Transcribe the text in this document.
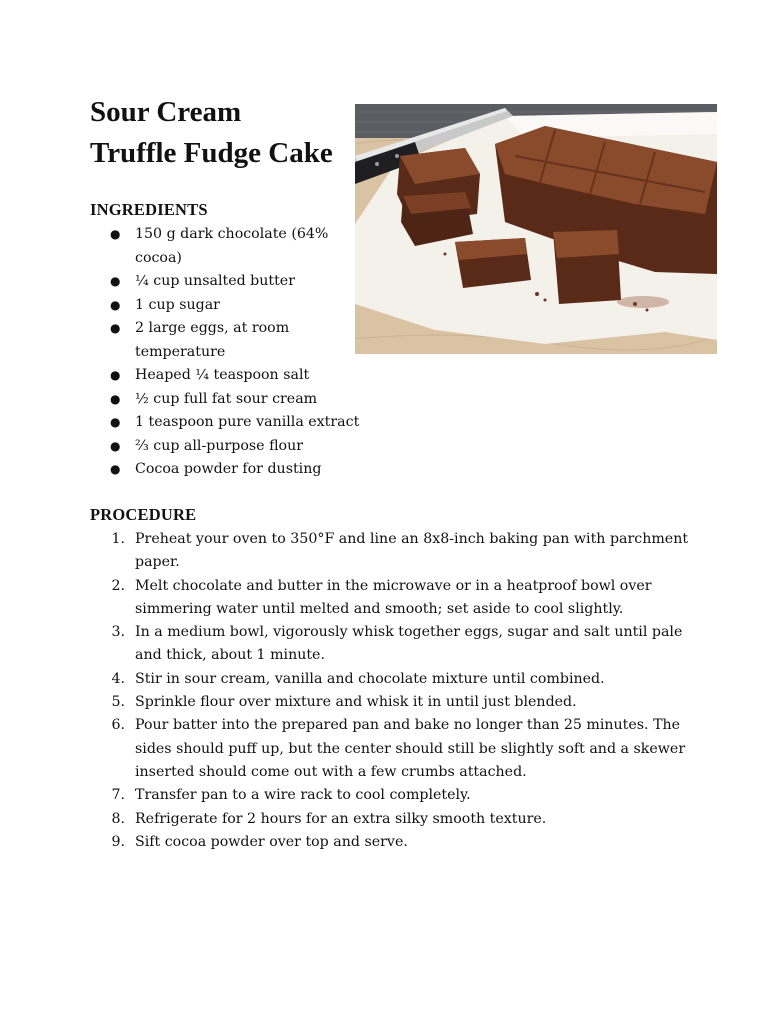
Sour Cream
Truffle Fudge Cake
INGREDIENTS
● 150 g dark chocolate (64% cocoa)
● ¼ cup unsalted butter
● 1 cup sugar
● 2 large eggs, at room temperature
● Heaped ¼ teaspoon salt
● ½ cup full fat sour cream
● 1 teaspoon pure vanilla extract
● ⅔ cup all-purpose flour
● Cocoa powder for dusting
PROCEDURE
1. Preheat your oven to 350°F and line an 8x8-inch baking pan with parchment paper.
2. Melt chocolate and butter in the microwave or in a heatproof bowl over simmering water until melted and smooth; set aside to cool slightly.
3. In a medium bowl, vigorously whisk together eggs, sugar and salt until pale and thick, about 1 minute.
4. Stir in sour cream, vanilla and chocolate mixture until combined.
5. Sprinkle flour over mixture and whisk it in until just blended.
6. Pour batter into the prepared pan and bake no longer than 25 minutes. The sides should puff up, but the center should still be slightly soft and a skewer inserted should come out with a few crumbs attached.
7. Transfer pan to a wire rack to cool completely.
8. Refrigerate for 2 hours for an extra silky smooth texture.
9. Sift cocoa powder over top and serve.
